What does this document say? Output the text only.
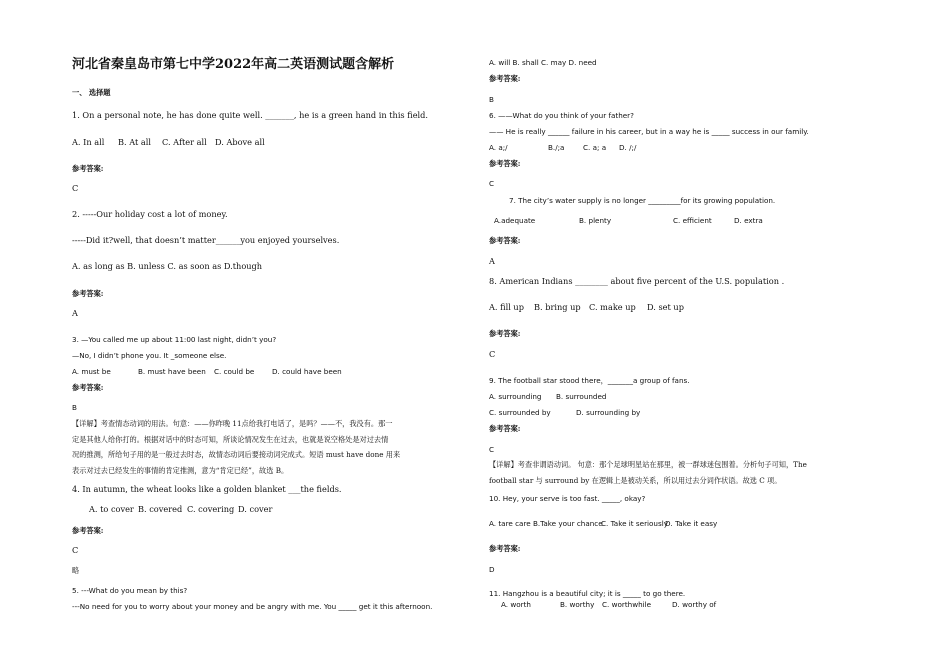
河北省秦皇岛市第七中学2022年高二英语测试题含解析
一、 选择题
1. On a personal note, he has done quite well. _______, he is a green hand in this field.
A. In all B. At all C. After all D. Above all
参考答案:
C
2. -----Our holiday cost a lot of money.
-----Did it?well, that doesn’t matter______you enjoyed yourselves.
A. as long as B. unless C. as soon as D.though
参考答案:
A
3. —You called me up about 11:00 last night, didn’t you?
—No, I didn’t phone you. It _someone else.
A. must be	B. must have been C. could be D. could have been
参考答案:
B
【详解】考查情态动词的用法。句意：——你昨晚 11点给我打电话了，是吗？——不，我没有。那一
定是其他人给你打的。根据对话中的时态可知，所谈论情况发生在过去，也就是说空格处是对过去情
况的推测，所给句子用的是一般过去时态，故情态动词后要接动词完成式。短语 must have done 用来
表示对过去已经发生的事情的肯定推测，意为“肯定已经”，故选 B。
4. In autumn, the wheat looks like a golden blanket ___the fields.
A. to cover B. covered C. covering D. cover
参考答案:
C
略
5. ---What do you mean by this?
---No need for you to worry about your money and be angry with me. You _____ get it this afternoon.
A. will B. shall C. may D. need
参考答案:
B
6. ——What do you think of your father?
—— He is really ______ failure in his career, but in a way he is _____ success in our family.
A. a;/	B./;a	C. a; a D. /;/
参考答案:
C
7. The city’s water supply is no longer _________for its growing population.
A.adequate	B. plenty	C. efficient	D. extra
参考答案:
A
8. American Indians ________ about five percent of the U.S. population .
A. fill up B. bring up C. make up D. set up
参考答案:
C
9. The football star stood there，_______a group of fans.
A. surrounding B. surrounded
C. surrounded by	D. surrounding by
参考答案:
C
【详解】考查非谓语动词。 句意：那个足球明星站在那里，被一群球迷包围着。分析句子可知，The
football star 与 surround by 在逻辑上是被动关系，所以用过去分词作状语。故选 C 项。
10. Hey, your serve is too fast. _____, okay?
A. tare care B.Take your chance
C. Take it seriously
D. Take it easy
参考答案:
D
11. Hangzhou is a beautiful city; it is _____ to go there.
A. worth	B. worthy C. worthwhile	D. worthy of
